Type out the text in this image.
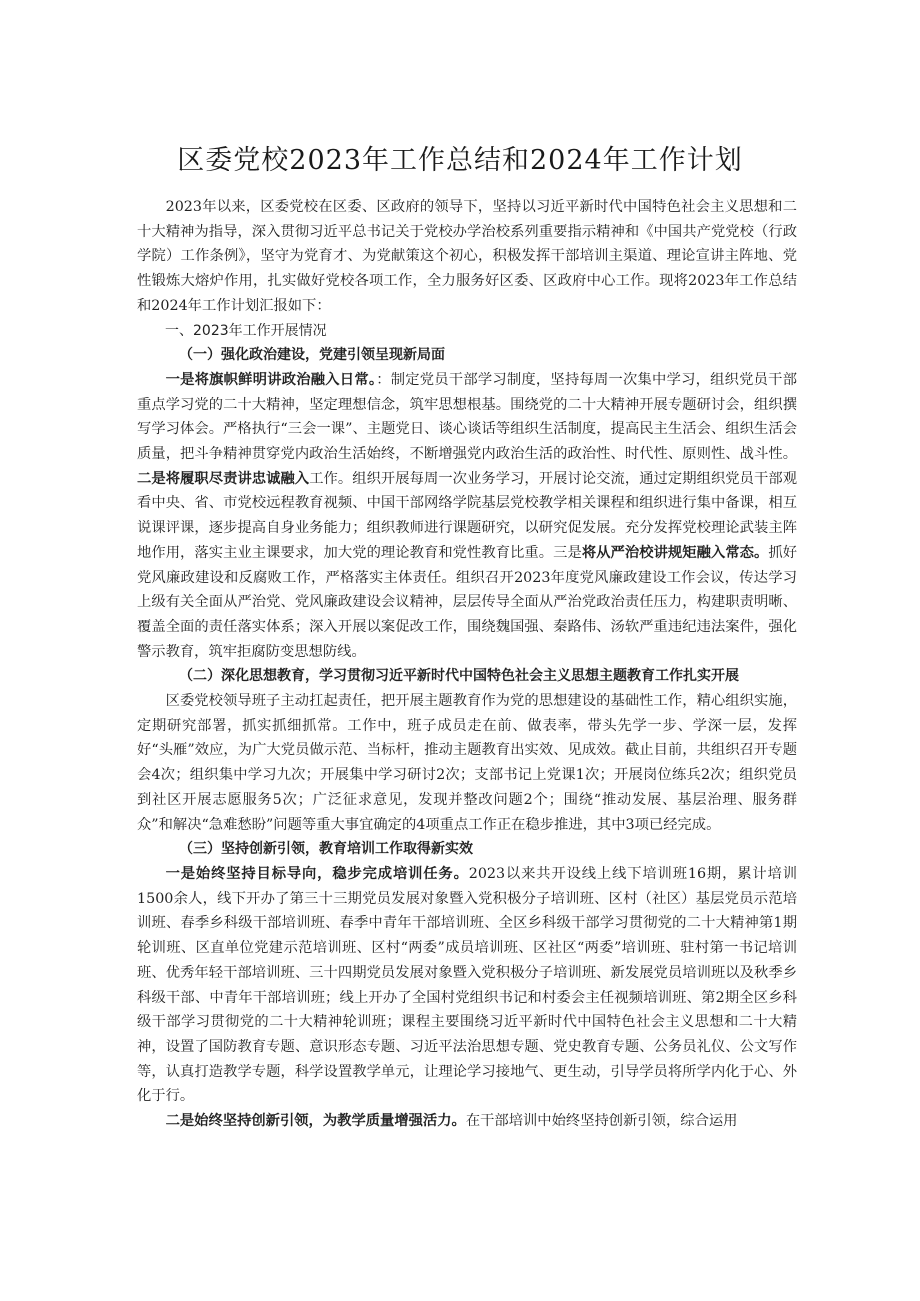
区委党校2023年工作总结和2024年工作计划

2023年以来，区委党校在区委、区政府的领导下，坚持以习近平新时代中国特色社会主义思想和二十大精神为指导，深入贯彻习近平总书记关于党校办学治校系列重要指示精神和《中国共产党党校（行政学院）工作条例》，坚守为党育才、为党献策这个初心，积极发挥干部培训主渠道、理论宣讲主阵地、党性锻炼大熔炉作用，扎实做好党校各项工作，全力服务好区委、区政府中心工作。现将2023年工作总结和2024年工作计划汇报如下：

一、2023年工作开展情况

（一）强化政治建设，党建引领呈现新局面

一是将旗帜鲜明讲政治融入日常。：制定党员干部学习制度，坚持每周一次集中学习，组织党员干部重点学习党的二十大精神，坚定理想信念，筑牢思想根基。围绕党的二十大精神开展专题研讨会，组织撰写学习体会。严格执行“三会一课”、主题党日、谈心谈话等组织生活制度，提高民主生活会、组织生活会质量，把斗争精神贯穿党内政治生活始终，不断增强党内政治生活的政治性、时代性、原则性、战斗性。二是将履职尽责讲忠诚融入工作。组织开展每周一次业务学习，开展讨论交流，通过定期组织党员干部观看中央、省、市党校远程教育视频、中国干部网络学院基层党校教学相关课程和组织进行集中备课，相互说课评课，逐步提高自身业务能力；组织教师进行课题研究，以研究促发展。充分发挥党校理论武装主阵地作用，落实主业主课要求，加大党的理论教育和党性教育比重。三是将从严治校讲规矩融入常态。抓好党风廉政建设和反腐败工作，严格落实主体责任。组织召开2023年度党风廉政建设工作会议，传达学习上级有关全面从严治党、党风廉政建设会议精神，层层传导全面从严治党政治责任压力，构建职责明晰、覆盖全面的责任落实体系；深入开展以案促改工作，围绕魏国强、秦路伟、汤软严重违纪违法案件，强化警示教育，筑牢拒腐防变思想防线。

（二）深化思想教育，学习贯彻习近平新时代中国特色社会主义思想主题教育工作扎实开展

区委党校领导班子主动扛起责任，把开展主题教育作为党的思想建设的基础性工作，精心组织实施，定期研究部署，抓实抓细抓常。工作中，班子成员走在前、做表率，带头先学一步、学深一层，发挥好“头雁”效应，为广大党员做示范、当标杆，推动主题教育出实效、见成效。截止目前，共组织召开专题会4次；组织集中学习九次；开展集中学习研讨2次；支部书记上党课1次；开展岗位练兵2次；组织党员到社区开展志愿服务5次；广泛征求意见，发现并整改问题2个；围绕“推动发展、基层治理、服务群众”和解决“急难愁盼”问题等重大事宜确定的4项重点工作正在稳步推进，其中3项已经完成。

（三）坚持创新引领，教育培训工作取得新实效

一是始终坚持目标导向，稳步完成培训任务。2023以来共开设线上线下培训班16期，累计培训1500余人，线下开办了第三十三期党员发展对象暨入党积极分子培训班、区村（社区）基层党员示范培训班、春季乡科级干部培训班、春季中青年干部培训班、全区乡科级干部学习贯彻党的二十大精神第1期轮训班、区直单位党建示范培训班、区村“两委”成员培训班、区社区“两委”培训班、驻村第一书记培训班、优秀年轻干部培训班、三十四期党员发展对象暨入党积极分子培训班、新发展党员培训班以及秋季乡科级干部、中青年干部培训班；线上开办了全国村党组织书记和村委会主任视频培训班、第2期全区乡科级干部学习贯彻党的二十大精神轮训班；课程主要围绕习近平新时代中国特色社会主义思想和二十大精神，设置了国防教育专题、意识形态专题、习近平法治思想专题、党史教育专题、公务员礼仪、公文写作等，认真打造教学专题，科学设置教学单元，让理论学习接地气、更生动，引导学员将所学内化于心、外化于行。

二是始终坚持创新引领，为教学质量增强活力。在干部培训中始终坚持创新引领，综合运用
